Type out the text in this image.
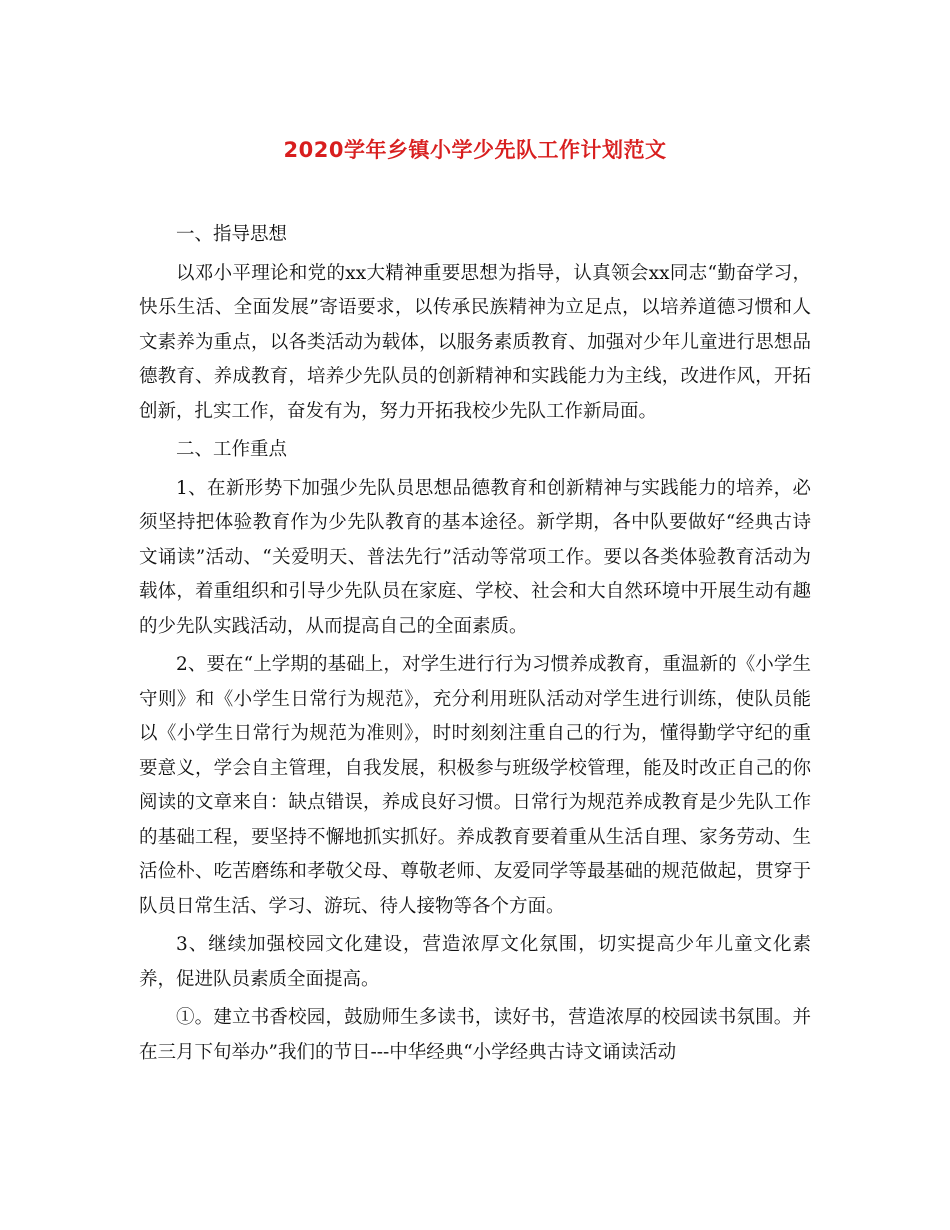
2020学年乡镇小学少先队工作计划范文

一、指导思想

以邓小平理论和党的xx大精神重要思想为指导，认真领会xx同志“勤奋学习，快乐生活、全面发展”寄语要求，以传承民族精神为立足点，以培养道德习惯和人文素养为重点，以各类活动为载体，以服务素质教育、加强对少年儿童进行思想品德教育、养成教育，培养少先队员的创新精神和实践能力为主线，改进作风，开拓创新，扎实工作，奋发有为，努力开拓我校少先队工作新局面。

二、工作重点

1、在新形势下加强少先队员思想品德教育和创新精神与实践能力的培养，必须坚持把体验教育作为少先队教育的基本途径。新学期，各中队要做好“经典古诗文诵读”活动、“关爱明天、普法先行”活动等常项工作。要以各类体验教育活动为载体，着重组织和引导少先队员在家庭、学校、社会和大自然环境中开展生动有趣的少先队实践活动，从而提高自己的全面素质。

2、要在“上学期的基础上，对学生进行行为习惯养成教育，重温新的《小学生守则》和《小学生日常行为规范》，充分利用班队活动对学生进行训练，使队员能以《小学生日常行为规范为准则》，时时刻刻注重自己的行为，懂得勤学守纪的重要意义，学会自主管理，自我发展，积极参与班级学校管理，能及时改正自己的你阅读的文章来自：缺点错误，养成良好习惯。日常行为规范养成教育是少先队工作的基础工程，要坚持不懈地抓实抓好。养成教育要着重从生活自理、家务劳动、生活俭朴、吃苦磨练和孝敬父母、尊敬老师、友爱同学等最基础的规范做起，贯穿于队员日常生活、学习、游玩、待人接物等各个方面。

3、继续加强校园文化建设，营造浓厚文化氛围，切实提高少年儿童文化素养，促进队员素质全面提高。

①。建立书香校园，鼓励师生多读书，读好书，营造浓厚的校园读书氛围。并在三月下旬举办”我们的节日---中华经典“小学经典古诗文诵读活动
